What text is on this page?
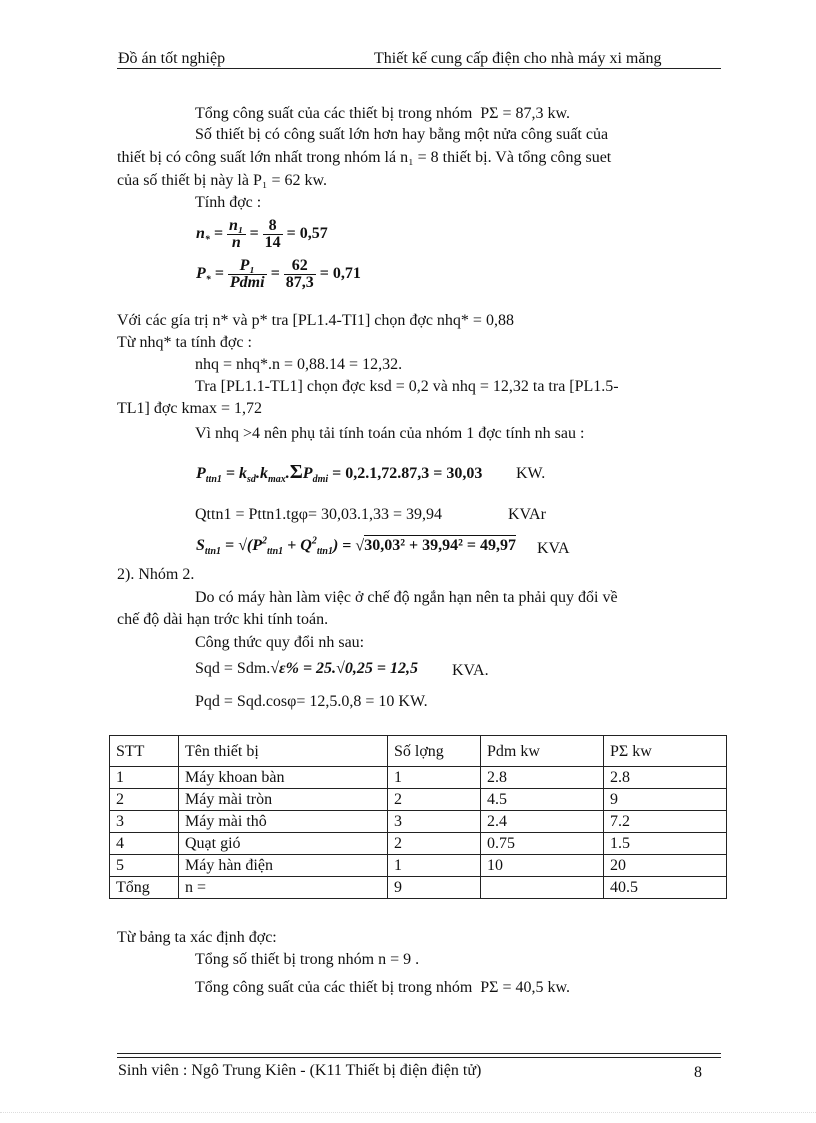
Đồ án tốt nghiệp	Thiết kế cung cấp điện cho nhà máy xi măng
Tổng công suất của các thiết bị trong nhóm PΣ = 87,3 kw.
Số thiết bị có công suất lớn hơn hay bằng một nửa công suất của
thiết bị có công suất lớn nhất trong nhóm lá n₁ = 8 thiết bị. Và tổng công suet
của số thiết bị này là P₁ = 62 kw.
Tính đợc :
$n_* = \frac{\text{n₁}}{n} = \frac{8}{14} = 0,57$
$P_* = \frac{\text{P₁}}{\text{Pdmi}} = \frac{62}{87,3} = 0,71$
Với các gía trị n* và p* tra [PL1.4-TI1] chọn đợc nhq* = 0,88
Từ nhq* ta tính đợc :
nhq = nhq*.n = 0,88.14 = 12,32.
Tra [PL1.1-TL1] chọn đợc ksd = 0,2 và nhq = 12,32 ta tra [PL1.5-
TL1] đợc kmax = 1,72
Vì nhq >4 nên phụ tải tính toán của nhóm 1 đợc tính nh sau :
$P_{ttn1} = k_{sd}.k_{max}.\Sigma P_{dmi} = 0,2.1,72.87,3 = 30,03$ KW.
Qttn1 = Pttn1.tgφ= 30,03.1,33 = 39,94	KVAr
$S_{ttn1} = √(P^2_{ttn1} + Q^2_{ttn1}) = √30,03^2 + 39,94^2 = 49,97$ KVA
2). Nhóm 2.
Do có máy hàn làm việc ở chế độ ngắn hạn nên ta phải quy đổi về
chế độ dài hạn trớc khi tính toán.
Công thức quy đổi nh sau:
Sqd = Sdm.√ε% = 25.√0,25 = 12,5 KVA.
Pqd = Sqd.cosφ= 12,5.0,8 = 10 KW.
STT	Tên thiết bị	Số lợng	Pdm kw	PΣ kw
1	Máy khoan bàn	1	2.8	2.8
2	Máy mài tròn	2	4.5	9
3	Máy mài thô	3	2.4	7.2
4	Quạt gió	2	0.75	1.5
5	Máy hàn điện	1	10	20
Tổng	n =	9		40.5
Từ bảng ta xác định đợc:
Tổng số thiết bị trong nhóm n = 9 .
Tổng công suất của các thiết bị trong nhóm PΣ = 40,5 kw.
Sinh viên : Ngô Trung Kiên - (K11 Thiết bị điện điện tử)	8
